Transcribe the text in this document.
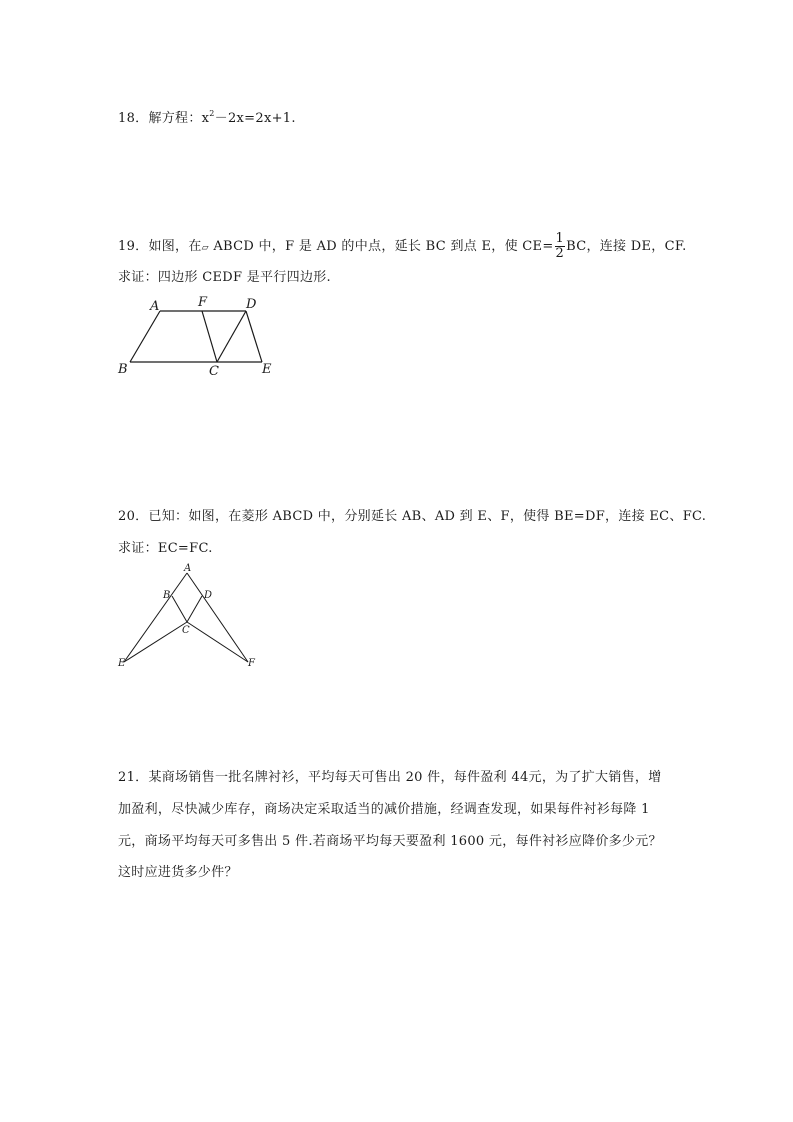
18．解方程：$x^2-2x=2x+1$.
19．如图，在▱ ABCD 中，F 是 AD 的中点，延长 BC 到点 E，使 $CE= \frac{1}{2}$ BC，连接 DE，CF.
求证：四边形 CEDF 是平行四边形.
A	F	D
B	C	E
20．已知：如图，在菱形 ABCD 中，分别延长 AB、AD 到 E、F，使得 BE=DF，连接 EC、FC.
求证：EC=FC.
A
B	D
C
E	F
21．某商场销售一批名牌衬衫，平均每天可售出 20 件，每件盈利 44元，为了扩大销售，增
加盈利，尽快减少库存，商场决定采取适当的减价措施，经调查发现，如果每件衬衫每降 1
元，商场平均每天可多售出 5 件.若商场平均每天要盈利 1600 元，每件衬衫应降价多少元？
这时应进货多少件？
